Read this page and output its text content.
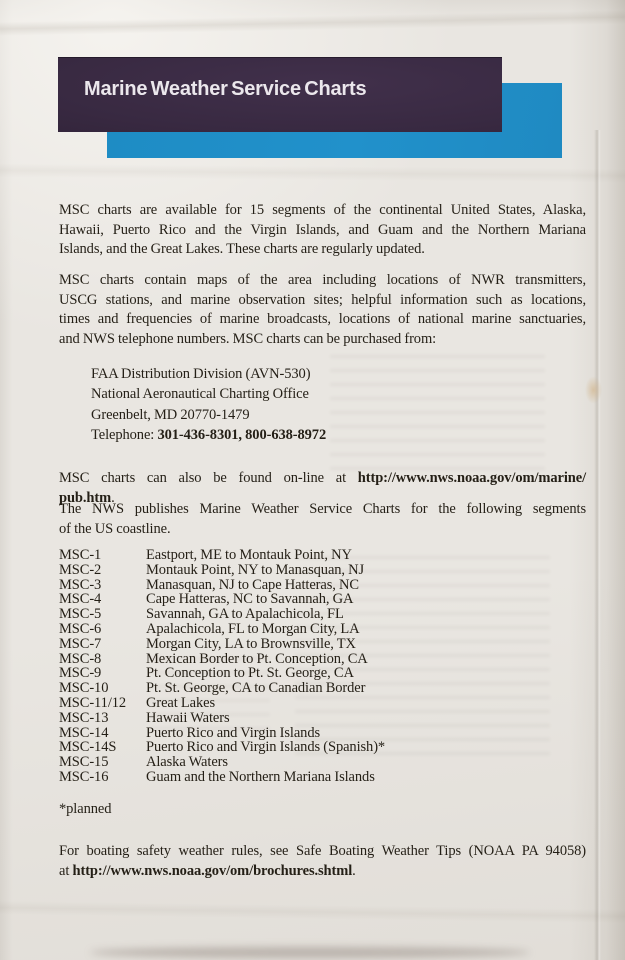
Marine Weather Service Charts
MSC charts are available for 15 segments of the continental United States, Alaska,
Hawaii, Puerto Rico and the Virgin Islands, and Guam and the Northern Mariana
Islands, and the Great Lakes. These charts are regularly updated.
MSC charts contain maps of the area including locations of NWR transmitters,
USCG stations, and marine observation sites; helpful information such as locations,
times and frequencies of marine broadcasts, locations of national marine sanctuaries,
and NWS telephone numbers. MSC charts can be purchased from:
FAA Distribution Division (AVN-530)
National Aeronautical Charting Office
Greenbelt, MD 20770-1479
Telephone: 301-436-8301, 800-638-8972
MSC charts can also be found on-line at http://www.nws.noaa.gov/om/marine/
pub.htm.
The NWS publishes Marine Weather Service Charts for the following segments
of the US coastline.
MSC-1	Eastport, ME to Montauk Point, NY
MSC-2	Montauk Point, NY to Manasquan, NJ
MSC-3	Manasquan, NJ to Cape Hatteras, NC
MSC-4	Cape Hatteras, NC to Savannah, GA
MSC-5	Savannah, GA to Apalachicola, FL
MSC-6	Apalachicola, FL to Morgan City, LA
MSC-7	Morgan City, LA to Brownsville, TX
MSC-8	Mexican Border to Pt. Conception, CA
MSC-9	Pt. Conception to Pt. St. George, CA
MSC-10	Pt. St. George, CA to Canadian Border
MSC-11/12 Great Lakes
MSC-13	Hawaii Waters
MSC-14	Puerto Rico and Virgin Islands
MSC-14S Puerto Rico and Virgin Islands (Spanish)*
MSC-15	Alaska Waters
MSC-16	Guam and the Northern Mariana Islands
*planned
For boating safety weather rules, see Safe Boating Weather Tips (NOAA PA 94058)
at http://www.nws.noaa.gov/om/brochures.shtml.
